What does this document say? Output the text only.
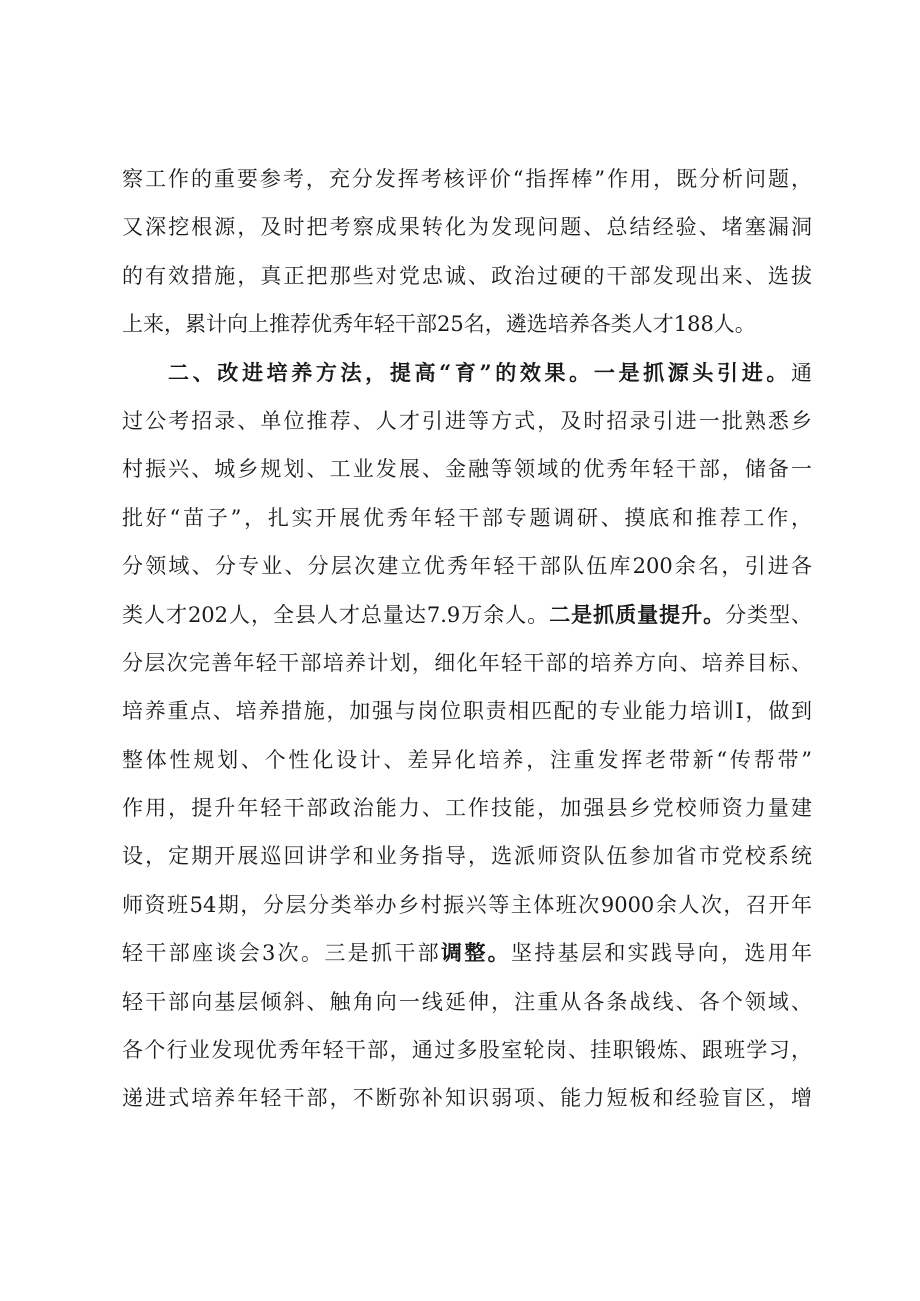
察工作的重要参考，充分发挥考核评价“指挥棒”作用，既分析问题，
又深挖根源，及时把考察成果转化为发现问题、总结经验、堵塞漏洞
的有效措施，真正把那些对党忠诚、政治过硬的干部发现出来、选拔
上来，累计向上推荐优秀年轻干部25名，遴选培养各类人才188人。
二、改进培养方法，提高“育”的效果。一是抓源头引进。通
过公考招录、单位推荐、人才引进等方式，及时招录引进一批熟悉乡
村振兴、城乡规划、工业发展、金融等领域的优秀年轻干部，储备一
批好“苗子”，扎实开展优秀年轻干部专题调研、摸底和推荐工作，
分领域、分专业、分层次建立优秀年轻干部队伍库200余名，引进各
类人才202人，全县人才总量达7.9万余人。二是抓质量提升。分类型、
分层次完善年轻干部培养计划，细化年轻干部的培养方向、培养目标、
培养重点、培养措施，加强与岗位职责相匹配的专业能力培训I，做到
整体性规划、个性化设计、差异化培养，注重发挥老带新“传帮带”
作用，提升年轻干部政治能力、工作技能，加强县乡党校师资力量建
设，定期开展巡回讲学和业务指导，选派师资队伍参加省市党校系统
师资班54期，分层分类举办乡村振兴等主体班次9000余人次，召开年
轻干部座谈会3次。三是抓干部调整。坚持基层和实践导向，选用年
轻干部向基层倾斜、触角向一线延伸，注重从各条战线、各个领域、
各个行业发现优秀年轻干部，通过多股室轮岗、挂职锻炼、跟班学习，
递进式培养年轻干部，不断弥补知识弱项、能力短板和经验盲区，增
